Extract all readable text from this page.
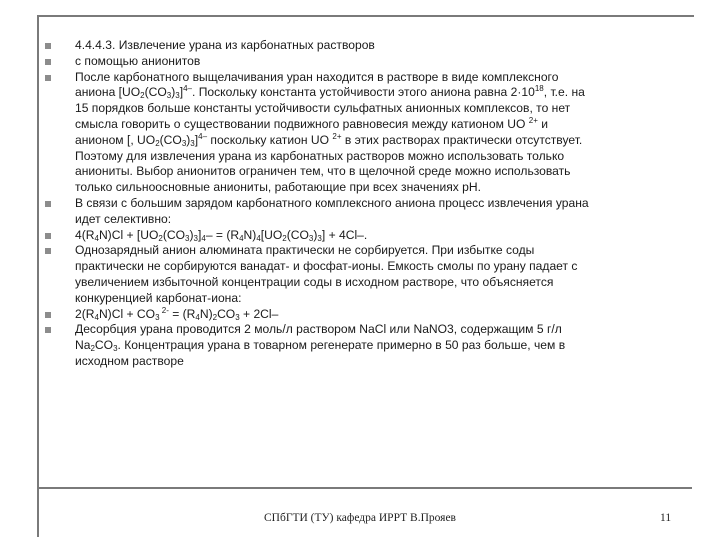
4.4.4.3. Извлечение урана из карбонатных растворов
с помощью анионитов
После карбонатного выщелачивания уран находится в растворе в виде комплексного
аниона $[UO_2(CO_3)_3]^{4-}$. Поскольку константа устойчивости этого аниона равна $2\cdot 10^{18}$, т.е. на
15 порядков больше константы устойчивости сульфатных анионных комплексов, то нет
смысла говорить о существовании подвижного равновесия между катионом UO $^{2+}$ и
анионом [, $UO_2(CO_3)_3]^{4-}$ поскольку катион UO $^{2+}$ в этих растворах практически отсутствует.
Поэтому для извлечения урана из карбонатных растворов можно использовать только
аниониты. Выбор анионитов ограничен тем, что в щелочной среде можно использовать
только сильноосновные аниониты, работающие при всех значениях pH.
В связи с большим зарядом карбонатного комплексного аниона процесс извлечения урана
идет селективно:
$4(R_4N)Cl + [UO_2(CO_3)_3]_4- = (R_4N)_4[UO_2(CO_3)_3] + 4Cl-$.
Однозарядный анион алюмината практически не сорбируется. При избытке соды
практически не сорбируются ванадат- и фосфат-ионы. Емкость смолы по урану падает с
увеличением избыточной концентрации соды в исходном растворе, что объясняется
конкуренцией карбонат-иона:
$2(R_4N)Cl + CO_3$ $^{2-} = (R_4N)_2CO_3 + 2Cl-$
Десорбция урана проводится 2 моль/л раствором NaCl или NaNO3, содержащим 5 г/л
$Na_2CO_3$. Концентрация урана в товарном регенерате примерно в 50 раз больше, чем в
исходном растворе
СПбГТИ (ТУ) кафедра ИРРТ В.Прояев	11
